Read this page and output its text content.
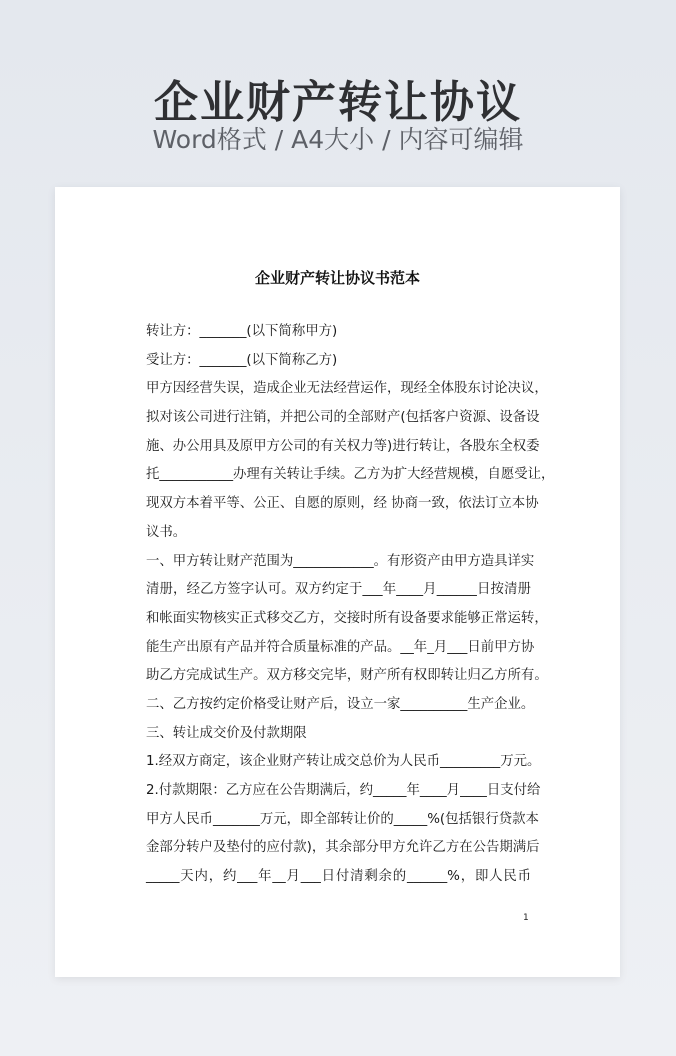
企业财产转让协议
Word格式 / A4大小 / 内容可编辑
企业财产转让协议书范本
转让方：_______(以下简称甲方)
受让方：_______(以下简称乙方)
甲方因经营失误，造成企业无法经营运作，现经全体股东讨论决议，
拟对该公司进行注销，并把公司的全部财产(包括客户资源、设备设
施、办公用具及原甲方公司的有关权力等)进行转让，各股东全权委
托___________办理有关转让手续。乙方为扩大经营规模，自愿受让，
现双方本着平等、公正、自愿的原则，经 协商一致，依法订立本协
议书。
一、甲方转让财产范围为____________。有形资产由甲方造具详实
清册，经乙方签字认可。双方约定于___年____月______日按清册
和帐面实物核实正式移交乙方，交接时所有设备要求能够正常运转，
能生产出原有产品并符合质量标准的产品。__年_月___日前甲方协
助乙方完成试生产。双方移交完毕，财产所有权即转让归乙方所有。
二、乙方按约定价格受让财产后，设立一家__________生产企业。
三、转让成交价及付款期限
1.经双方商定，该企业财产转让成交总价为人民币_________万元。
2.付款期限：乙方应在公告期满后，约_____年____月____日支付给
甲方人民币_______万元，即全部转让价的_____%(包括银行贷款本
金部分转户及垫付的应付款)，其余部分甲方允许乙方在公告期满后
_____天内，约___年__月___日付清剩余的______%，即人民币
1
